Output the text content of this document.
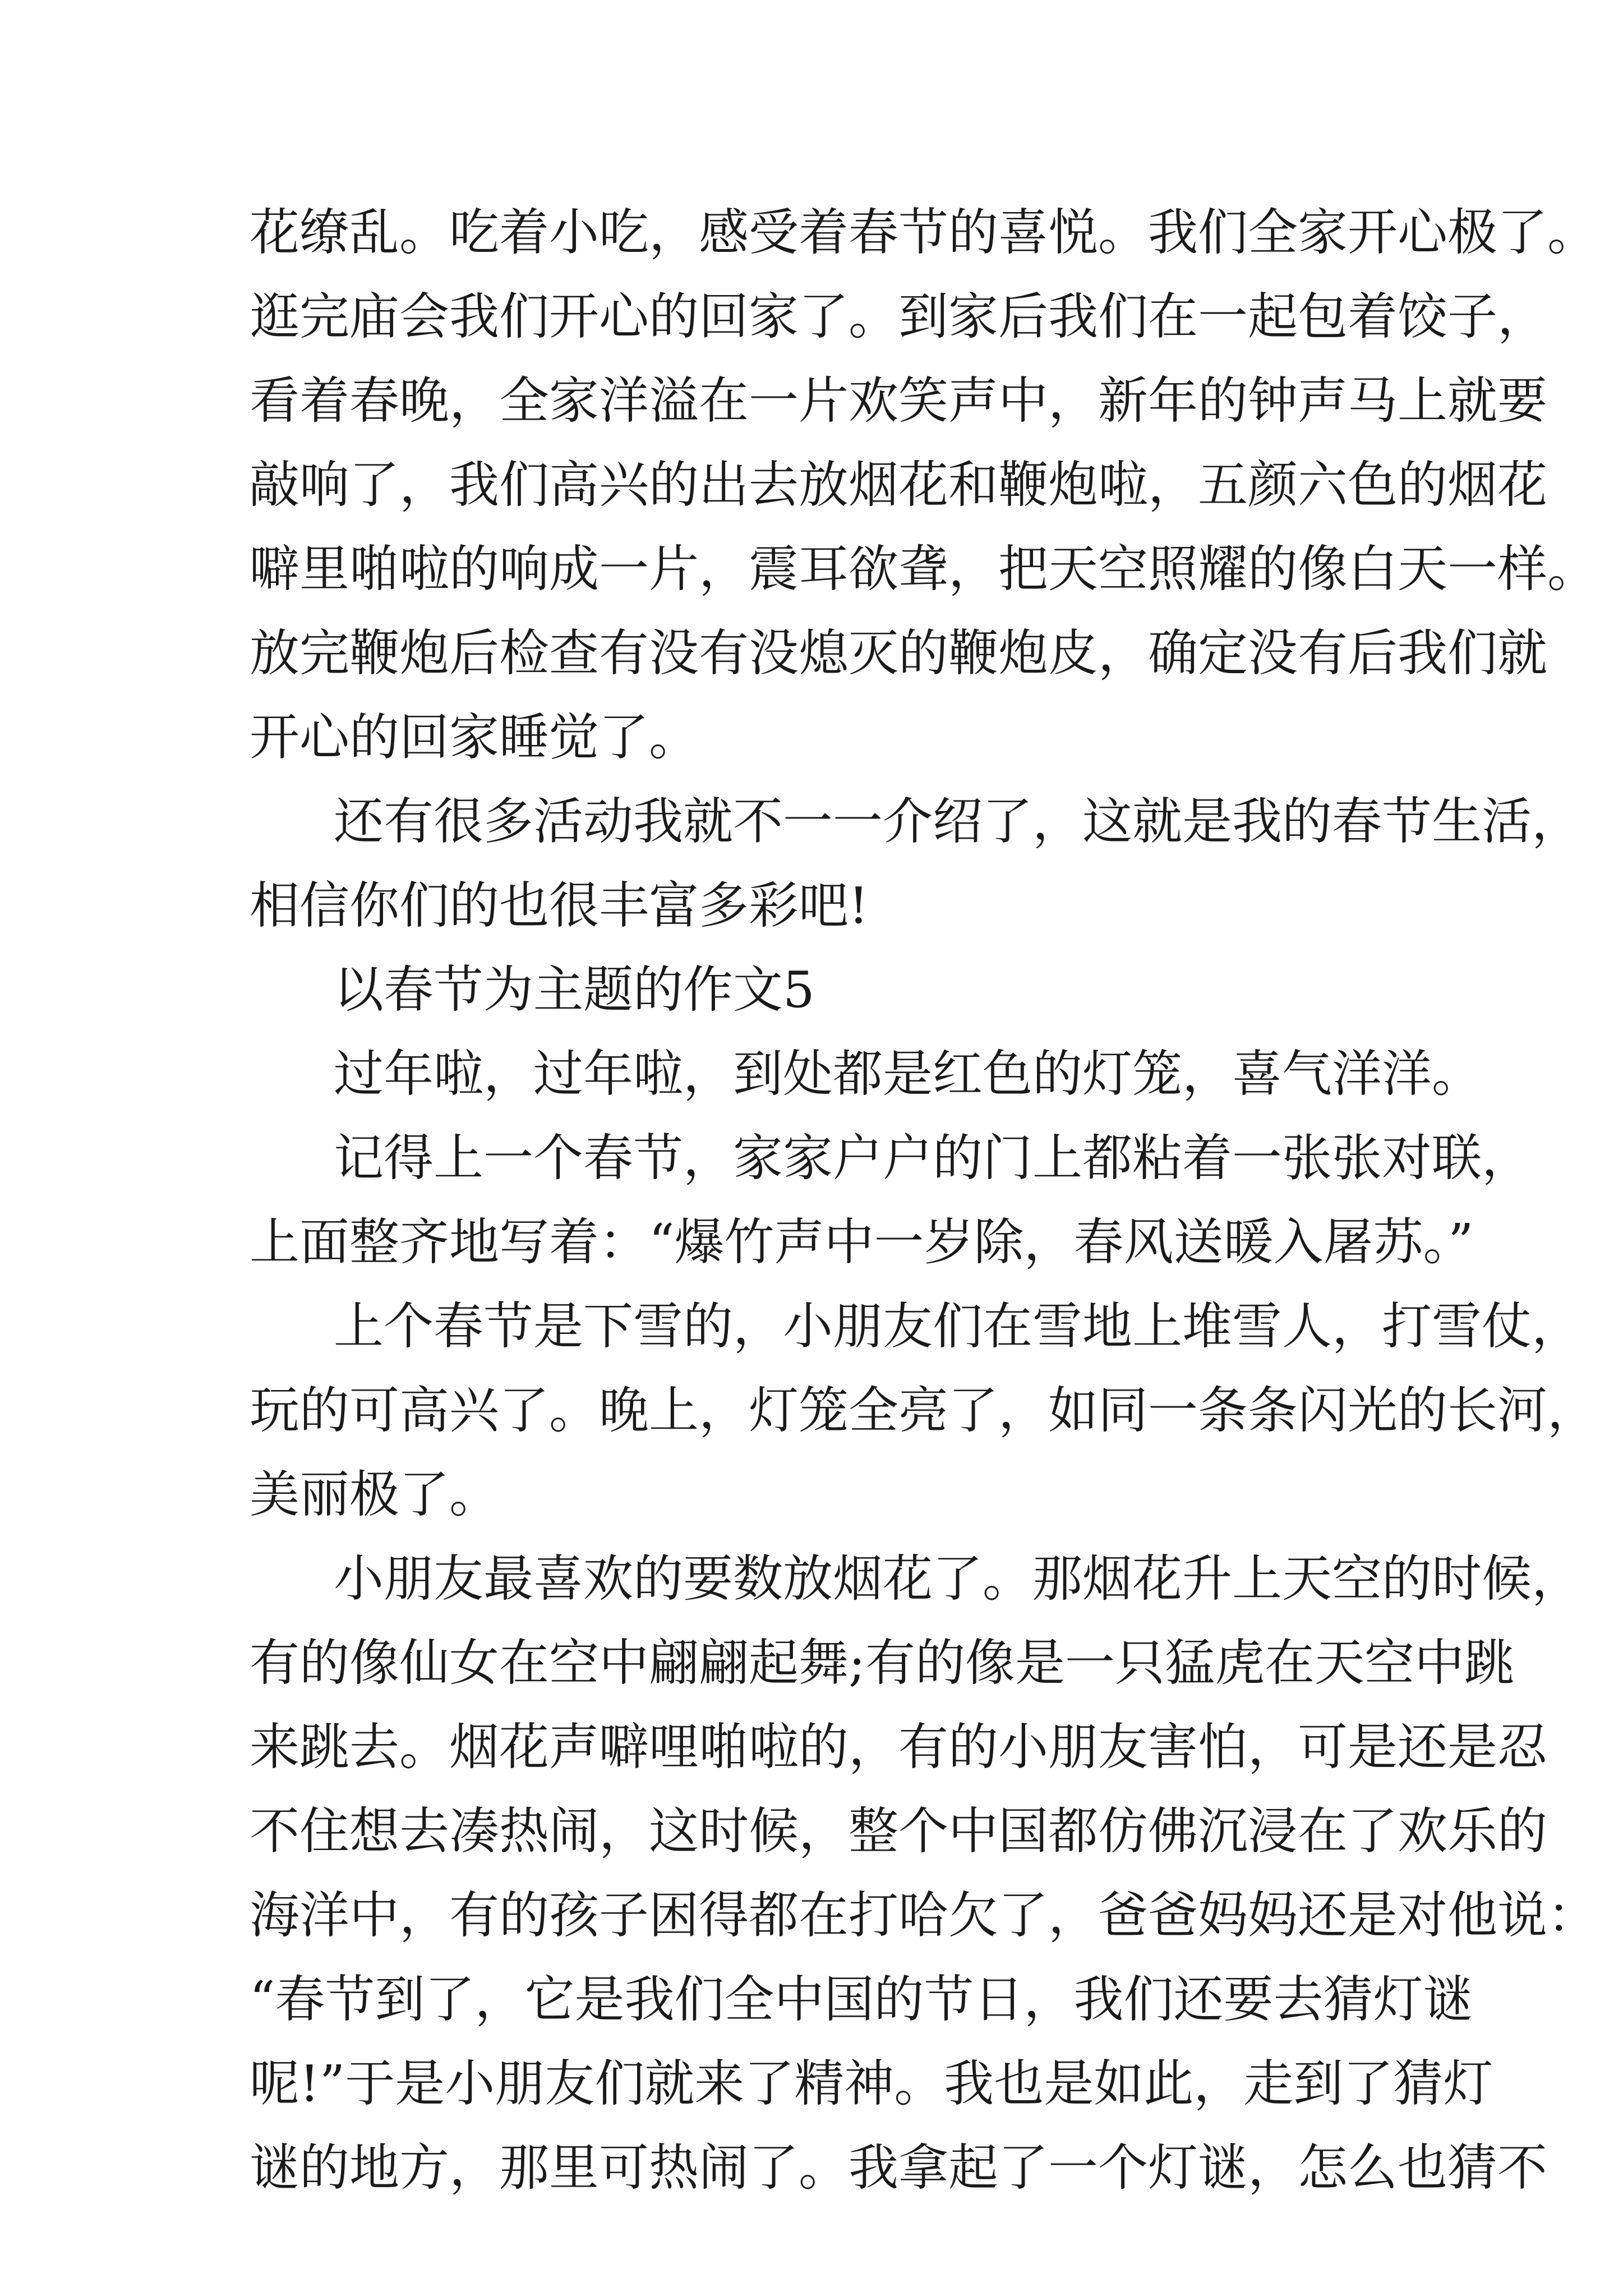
花缭乱。吃着小吃，感受着春节的喜悦。我们全家开心极了。
逛完庙会我们开心的回家了。到家后我们在一起包着饺子，
看着春晚，全家洋溢在一片欢笑声中，新年的钟声马上就要
敲响了，我们高兴的出去放烟花和鞭炮啦，五颜六色的烟花
噼里啪啦的响成一片，震耳欲聋，把天空照耀的像白天一样。
放完鞭炮后检查有没有没熄灭的鞭炮皮，确定没有后我们就
开心的回家睡觉了。
还有很多活动我就不一一介绍了，这就是我的春节生活，
相信你们的也很丰富多彩吧!
以春节为主题的作文5
过年啦，过年啦，到处都是红色的灯笼，喜气洋洋。
记得上一个春节，家家户户的门上都粘着一张张对联，
上面整齐地写着：“爆竹声中一岁除，春风送暖入屠苏。”
上个春节是下雪的，小朋友们在雪地上堆雪人，打雪仗，
玩的可高兴了。晚上，灯笼全亮了，如同一条条闪光的长河，
美丽极了。
小朋友最喜欢的要数放烟花了。那烟花升上天空的时候，
有的像仙女在空中翩翩起舞;有的像是一只猛虎在天空中跳
来跳去。烟花声噼哩啪啦的，有的小朋友害怕，可是还是忍
不住想去凑热闹，这时候，整个中国都仿佛沉浸在了欢乐的
海洋中，有的孩子困得都在打哈欠了，爸爸妈妈还是对他说：
“春节到了，它是我们全中国的节日，我们还要去猜灯谜
呢!”于是小朋友们就来了精神。我也是如此，走到了猜灯
谜的地方，那里可热闹了。我拿起了一个灯谜，怎么也猜不
